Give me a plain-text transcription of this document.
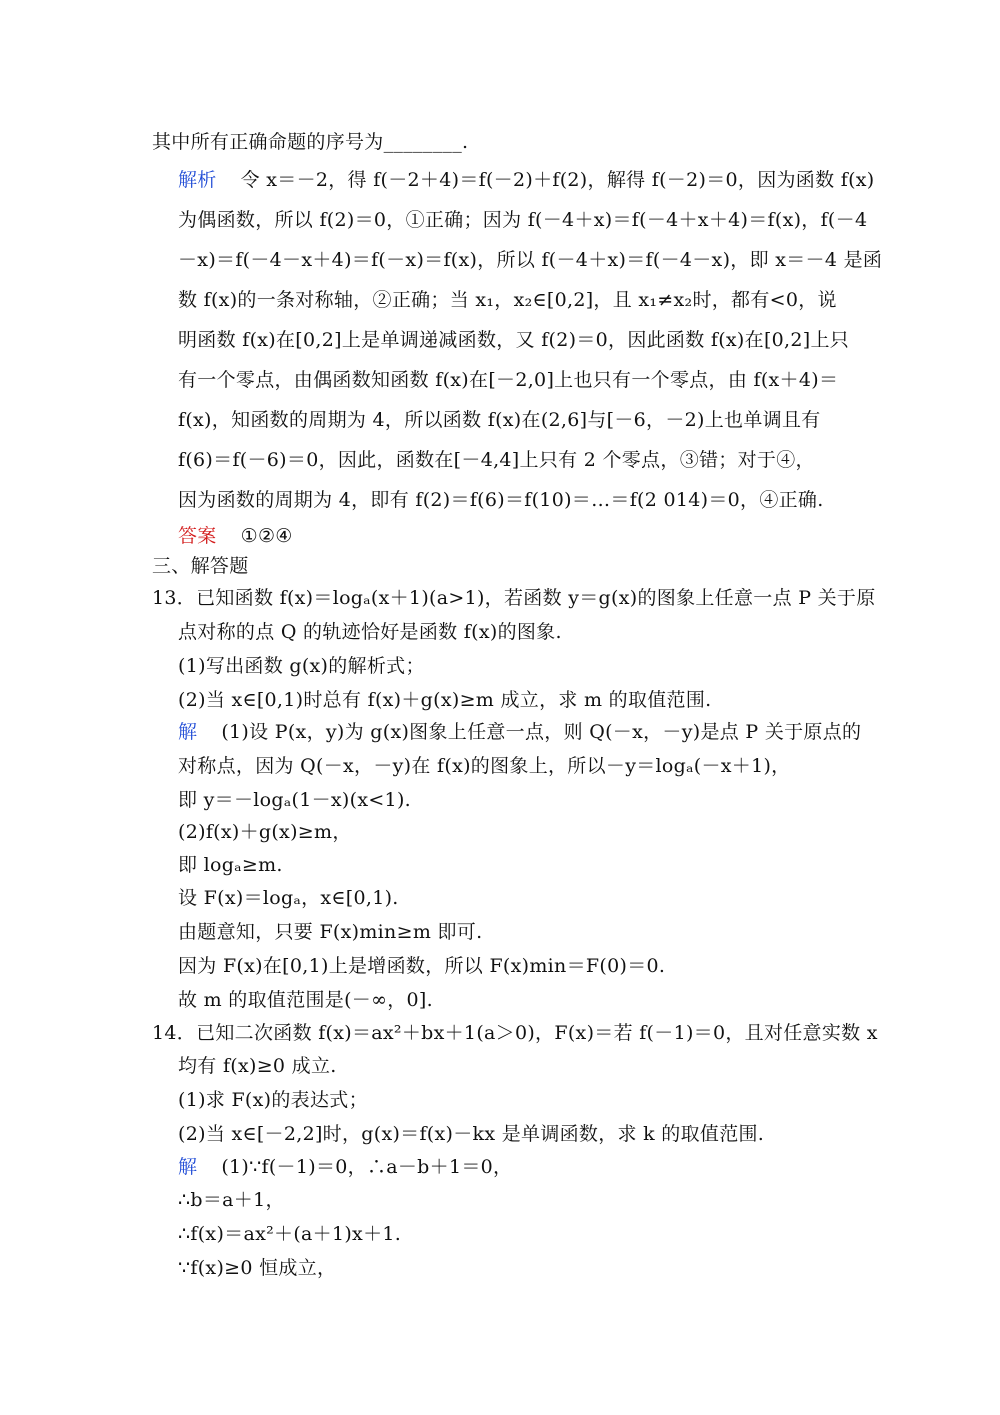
其中所有正确命题的序号为________.
解析 令 x＝－2，得 f(－2＋4)＝f(－2)＋f(2)，解得 f(－2)＝0，因为函数 f(x)
为偶函数，所以 f(2)＝0，①正确；因为 f(－4＋x)＝f(－4＋x＋4)＝f(x)，f(－4
－x)＝f(－4－x＋4)＝f(－x)＝f(x)，所以 f(－4＋x)＝f(－4－x)，即 x＝－4 是函
数 f(x)的一条对称轴，②正确；当 x₁，x₂∈[0,2]，且 x₁≠x₂时，都有<0，说
明函数 f(x)在[0,2]上是单调递减函数，又 f(2)＝0，因此函数 f(x)在[0,2]上只
有一个零点，由偶函数知函数 f(x)在[－2,0]上也只有一个零点，由 f(x＋4)＝
f(x)，知函数的周期为 4，所以函数 f(x)在(2,6]与[－6，－2)上也单调且有
f(6)＝f(－6)＝0，因此，函数在[－4,4]上只有 2 个零点，③错；对于④，
因为函数的周期为 4，即有 f(2)＝f(6)＝f(10)＝…＝f(2 014)＝0，④正确.
答案 ①②④
三、解答题
13．已知函数 f(x)＝logₐ(x＋1)(a>1)，若函数 y＝g(x)的图象上任意一点 P 关于原
点对称的点 Q 的轨迹恰好是函数 f(x)的图象.
(1)写出函数 g(x)的解析式；
(2)当 x∈[0,1)时总有 f(x)＋g(x)≥m 成立，求 m 的取值范围.
解 (1)设 P(x，y)为 g(x)图象上任意一点，则 Q(－x，－y)是点 P 关于原点的
对称点，因为 Q(－x，－y)在 f(x)的图象上，所以－y＝logₐ(－x＋1)，
即 y＝－logₐ(1－x)(x<1).
(2)f(x)＋g(x)≥m，
即 logₐ≥m.
设 F(x)＝logₐ，x∈[0,1).
由题意知，只要 F(x)min≥m 即可.
因为 F(x)在[0,1)上是增函数，所以 F(x)min＝F(0)＝0.
故 m 的取值范围是(－∞，0].
14．已知二次函数 f(x)＝ax²＋bx＋1(a＞0)，F(x)＝若 f(－1)＝0，且对任意实数 x
均有 f(x)≥0 成立.
(1)求 F(x)的表达式；
(2)当 x∈[－2,2]时，g(x)＝f(x)－kx 是单调函数，求 k 的取值范围.
解 (1)∵f(－1)＝0，∴a－b＋1＝0，
∴b＝a＋1，
∴f(x)＝ax²＋(a＋1)x＋1.
∵f(x)≥0 恒成立，
